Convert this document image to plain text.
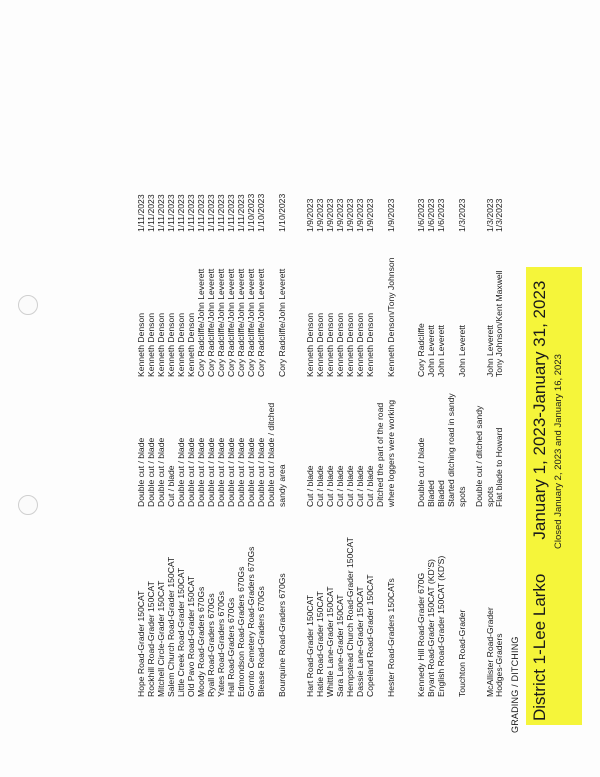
District 1-Lee LarkoJanuary 1, 2023-January 31, 2023 Closed January 2, 2023 and January 16, 2023
GRADING / DITCHING
Hodges-Graders
Flat blade to Howard
Tony Johnson/Kent Maxwell
1/3/2023
McAllister Road-Grader
Double cut / ditched sandy spots
John Leverett
1/3/2023
Touchton Road-Grader
Started ditching road in sandy spots
John Leverett
1/3/2023
English Road-Grader 150CAT (KD'S)
Bladed
John Leverett
1/6/2023
Bryant Road-Grader 150CAT (KD'S)
Bladed
John Leverett
1/6/2023
Kennedy Hill Road-Grader 670G
Double cut / blade
Cory Radcliffe
1/6/2023
Hester Road-Graders 150CATs
Ditched the part of the road where loggers were working
Kenneth Denson/Tony Johnson
1/9/2023
Copeland Road-Grader 150CAT
Cut / blade
Kenneth Denson
1/9/2023
Dassie Lane-Grader 150CAT
Cut / blade
Kenneth Denson
1/9/2023
Hempstead Church Road-Grader 150CAT
Cut / blade
Kenneth Denson
1/9/2023
Sara Lane-Grader 150CAT
Cut / blade
Kenneth Denson
1/9/2023
Whittle Lane-Grader 150CAT
Cut / blade
Kenneth Denson
1/9/2023
Hatie Road-Grader 150CAT
Cut / blade
Kenneth Denson
1/9/2023
Hart Road-Grader 150CAT
Cut / blade
Kenneth Denson
1/9/2023
Bourquine Road-Graders 670Gs
Double cut / blade / ditched sandy area
Cory Radcliffe/John Leverett
1/10/2023
Blease Road-Graders 670Gs
Double cut / blade
Cory Radcliffe/John Leverett
1/10/2023
Gornto Cemetery Road-Graders 670Gs
Double cut / blade
Cory Radcliffe/John Leverett
1/10/2023
Edmondson Road-Graders 670Gs
Double cut / blade
Cory Radcliffe/John Leverett
1/11/2023
Hall Road-Graders 670Gs
Double cut / blade
Cory Radcliffe/John Leverett
1/11/2023
Yates Road-Graders 670Gs
Double cut / blade
Cory Radcliffe/John Leverett
1/11/2023
Ryall Road-Graders 670Gs
Double cut / blade
Cory Radcliffe/John Leverett
1/11/2023
Moody Road-Graders 670Gs
Double cut / blade
Cory Radcliffe/John Leverett
1/11/2023
Old Pavo Road-Grader 150CAT
Double cut / blade
Kenneth Denson
1/11/2023
Little Creek Road-Grader 150CAT
Double cut / blade
Kenneth Denson
1/11/2023
Salem Church Road-Grader 150CAT
Cut / blade
Kenneth Denson
1/11/2023
Mitchell Circle-Grader 150CAT
Double cut / blade
Kenneth Denson
1/11/2023
Rockhill Road-Grader 150CAT
Double cut / blade
Kenneth Denson
1/11/2023
Hope Road-Grader 150CAT
Double cut / blade
Kenneth Denson
1/11/2023
